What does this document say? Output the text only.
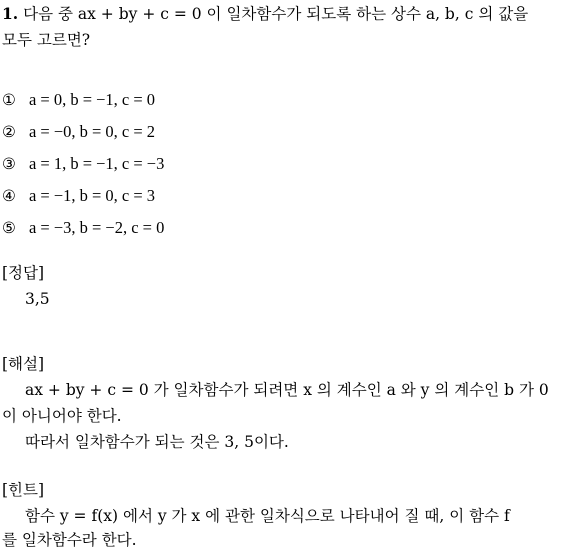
1. 다음 중 ax + by + c = 0 이 일차함수가 되도록 하는 상수 a, b, c 의 값을
모두 고르면?
① a = 0, b = −1, c = 0
② a = −0, b = 0, c = 2
③ a = 1, b = −1, c = −3
④ a = −1, b = 0, c = 3
⑤ a = −3, b = −2, c = 0
[정답]
3,5
[해설]
ax + by + c = 0 가 일차함수가 되려면 x 의 계수인 a 와 y 의 계수인 b 가 0
이 아니어야 한다.
따라서 일차함수가 되는 것은 3, 5이다.
[힌트]
함수 y = f(x) 에서 y 가 x 에 관한 일차식으로 나타내어 질 때, 이 함수 f
를 일차함수라 한다.
